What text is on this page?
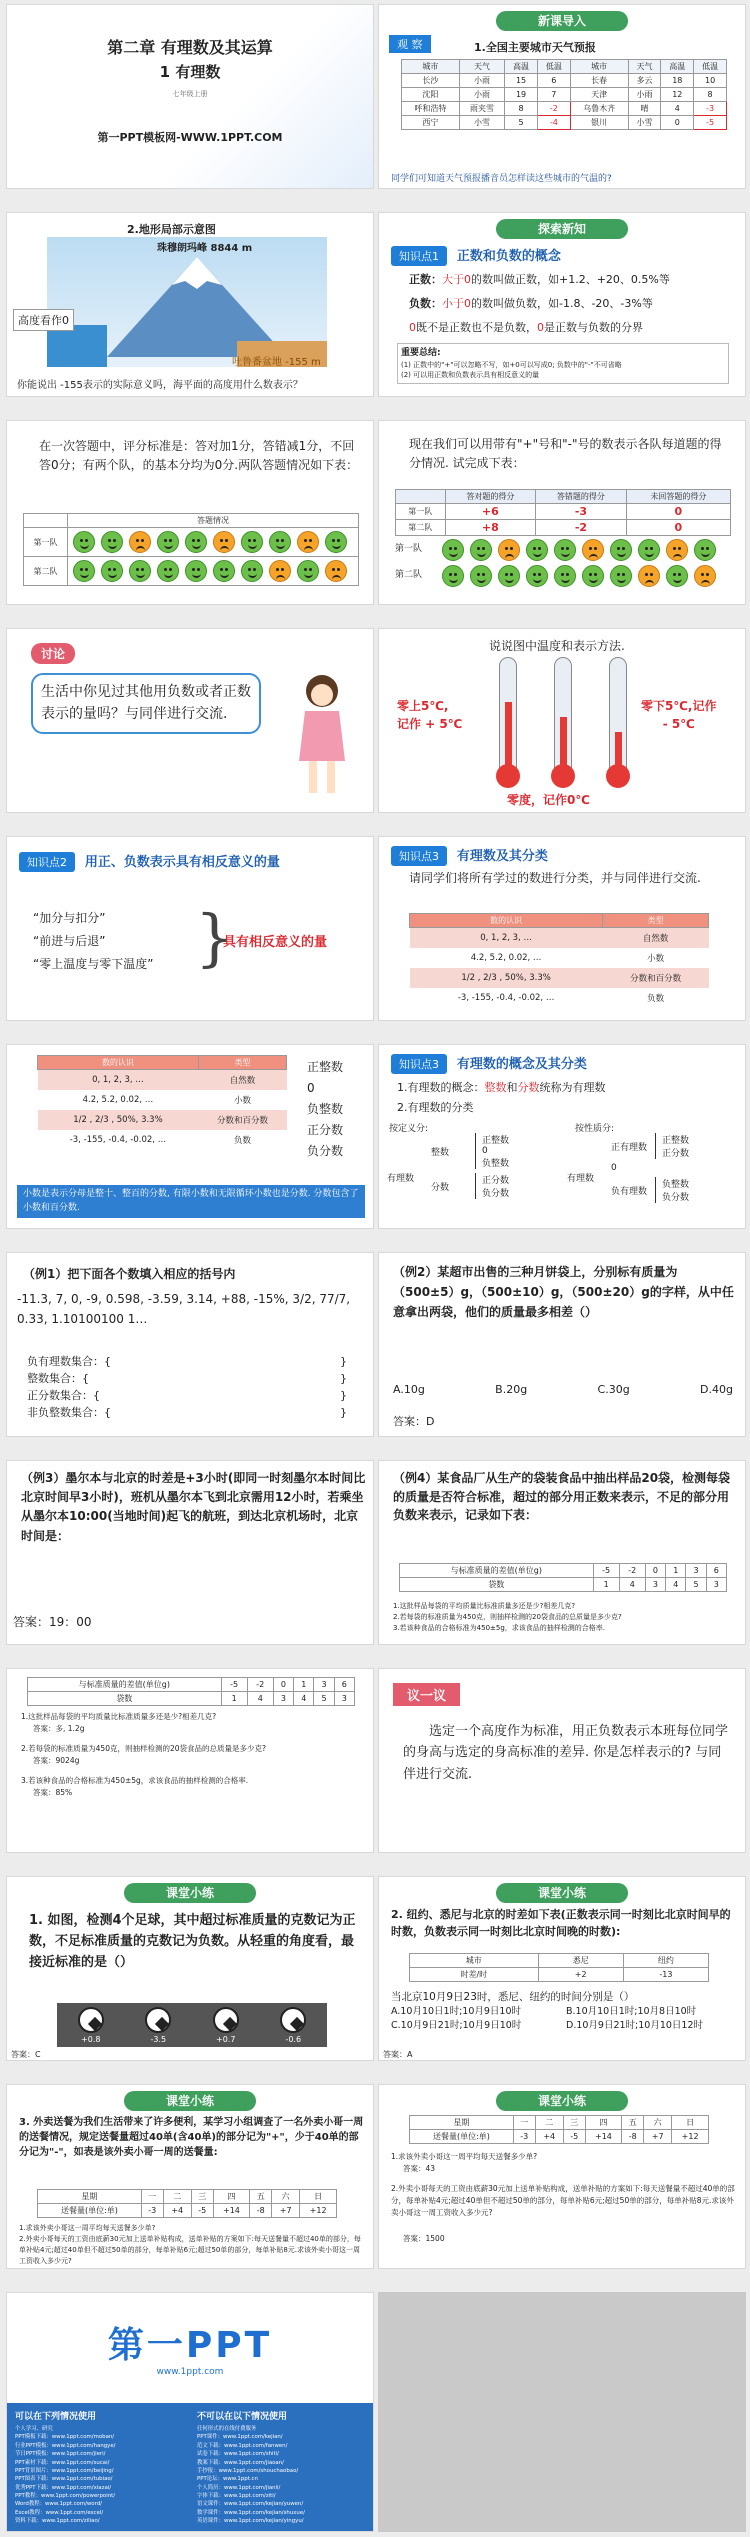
第二章 有理数及其运算
1 有理数
七年级上册
第一PPT模板网-WWW.1PPT.COM
新课导入
观 察	1.全国主要城市天气预报
城市	天气	高温	低温	城市	天气	高温	低温
长沙	小雨	15	6	长春	多云	18	10
沈阳	小雨	19	7	天津	小雨	12	8
呼和浩特	雨夹雪	8	-2	乌鲁木齐	晴	4	-3
西宁	小雪	5	-4	银川	小雪	0	-5
同学们可知道天气预报播音员怎样读这些城市的气温的?
2.地形局部示意图
珠穆朗玛峰 8844 m
高度看作0
吐鲁番盆地 -155 m
你能说出 -155表示的实际意义吗，海平面的高度用什么数表示？
探索新知
知识点1 正数和负数的概念
正数：大于0的数叫做正数，如+1.2、+20、0.5%等
负数：小于0的数叫做负数，如-1.8、-20、-3%等
0既不是正数也不是负数，0是正数与负数的分界
重要总结:
(1) 正数中的"+"可以忽略不写，如+0可以写成0; 负数中的"-"不可省略
(2) 可以用正数和负数表示具有相反意义的量
在一次答题中，评分标准是：答对加1分，答错减1分，不回答0分；有两个队，的基本分均为0分.两队答题情况如下表：
	答题情况
第一队	

第二队	
现在我们可以用带有"+"号和"-"号的数表示各队每道题的得分情况. 试完成下表：
	答对题的得分	答错题的得分	未回答题的得分
第一队	+6	-3	0
第二队	+8	-2	0
第一队
第二队
讨论
生活中你见过其他用负数或者正数表示的量吗？与同伴进行交流.
说说图中温度和表示方法.
零上5℃,
记作 + 5℃
零下5℃,记作
- 5℃
零度，记作0℃
知识点2 用正、负数表示具有相反意义的量
“加分与扣分”
“前进与后退”
“零上温度与零下温度” }
具有相反意义的量
知识点3 有理数及其分类
请同学们将所有学过的数进行分类，并与同伴进行交流.
数的认识	类型
0, 1, 2, 3, …	自然数
4.2, 5.2, 0.02, …	小数
1/2 , 2/3 , 50%, 3.3%	分数和百分数
-3, -155, -0.4, -0.02, …	负数
数的认识	类型
0, 1, 2, 3, …	自然数
4.2, 5.2, 0.02, …	小数
1/2 , 2/3 , 50%, 3.3%	分数和百分数
-3, -155, -0.4, -0.02, …	负数
正整数
0
负整数
正分数
负分数
小数是表示分母是整十、整百的分数, 有限小数和无限循环小数也是分数. 分数包含了小数和百分数.
知识点3 有理数的概念及其分类
1.有理数的概念：整数和分数统称为有理数
2.有理数的分类
按定义分:	按性质分:
有理数	有理数
整数
正整数
0
负整数
分数
正分数
负分数
正有理数
正整数
正分数
0
负有理数
负整数
负分数
（例1）把下面各个数填入相应的括号内
-11.3, 7, 0, -9, 0.598, -3.59, 3.14, +88, -15%, 3/2, 77/7, 0.33, 1.10100100 1…
负有理数集合：{	}
整数集合：{	}
正分数集合：{	}
非负整数集合：{	}
（例2）某超市出售的三种月饼袋上，分别标有质量为（500±5）g，（500±10）g，（500±20）g的字样，从中任意拿出两袋，他们的质量最多相差（）
A.10g	B.20g	C.30g	D.40g
答案：D
（例3）墨尔本与北京的时差是+3小时(即同一时刻墨尔本时间比北京时间早3小时)，班机从墨尔本飞到北京需用12小时，若乘坐从墨尔本10:00(当地时间)起飞的航班，到达北京机场时，北京时间是：
答案：19：00
（例4）某食品厂从生产的袋装食品中抽出样品20袋，检测每袋的质量是否符合标准，超过的部分用正数来表示，不足的部分用负数来表示，记录如下表：
与标准质量的差值(单位g)	-5	-2	0	1	3	6
袋数	1	4	3	4	5	3
1.这批样品每袋的平均质量比标准质量多还是少?相差几克?
2.若每袋的标准质量为450克，则抽样检测的20袋食品的总质量是多少克?
3.若该种食品的合格标准为450±5g，求该食品的抽样检测的合格率.
与标准质量的差值(单位g)	-5	-2	0	1	3	6
袋数	1	4	3	4	5	3
1.这批样品每袋的平均质量比标准质量多还是少?相差几克?
答案：多, 1.2g
2.若每袋的标准质量为450克，则抽样检测的20袋食品的总质量是多少克?
答案：9024g
3.若该种食品的合格标准为450±5g，求该食品的抽样检测的合格率.
答案：85%
议一议
选定一个高度作为标准，用正负数表示本班每位同学的身高与选定的身高标准的差异. 你是怎样表示的? 与同伴进行交流.
课堂小练
1. 如图，检测4个足球，其中超过标准质量的克数记为正数，不足标准质量的克数记为负数。从轻重的角度看，最接近标准的是（）
+0.8	-3.5	+0.7	-0.6
答案：C
课堂小练
2. 纽约、悉尼与北京的时差如下表(正数表示同一时刻比北京时间早的时数，负数表示同一时刻比北京时间晚的时数):
城市	悉尼	纽约
时差/时	+2	-13
当北京10月9日23时，悉尼、纽约的时间分别是（）
A.10月10日1时;10月9日10时	B.10月10日1时;10月8日10时
C.10月9日21时;10月9日10时	D.10月9日21时;10月10日12时
答案：A
课堂小练
3. 外卖送餐为我们生活带来了许多便利，某学习小组调查了一名外卖小哥一周的送餐情况，规定送餐量超过40单(含40单)的部分记为"+"，少于40单的部分记为"-"，如表是该外卖小哥一周的送餐量:
星期	一	二	三	四	五	六	日
送餐量(单位:单)	-3	+4	-5	+14	-8	+7	+12
1.求该外卖小哥这一周平均每天送餐多少单?
2.外卖小哥每天的工资由底薪30元加上送单补贴构成，送单补贴的方案如下:每天送餐量不超过40单的部分，每单补贴4元;超过40单但不超过50单的部分，每单补贴6元;超过50单的部分，每单补贴8元.求该外卖小哥这一周工资收入多少元?
课堂小练
星期	一	二	三	四	五	六	日
送餐量(单位:单)	-3	+4	-5	+14	-8	+7	+12
1.求该外卖小哥这一周平均每天送餐多少单?
答案：43
2.外卖小哥每天的工资由底薪30元加上送单补贴构成，送单补贴的方案如下:每天送餐量不超过40单的部分，每单补贴4元;超过40单但不超过50单的部分，每单补贴6元;超过50单的部分，每单补贴8元.求该外卖小哥这一周工资收入多少元?
答案：1500
第一PPT
www.1ppt.com
可以在下列情况使用	不可以在以下情况使用
个人学习、研究
PPT模板下载：www.1ppt.com/moban/
行业PPT模板：www.1ppt.com/hangye/
节日PPT模板：www.1ppt.com/jieri/
PPT素材下载：www.1ppt.com/sucai/
PPT背景图片：www.1ppt.com/beijing/
PPT图表下载：www.1ppt.com/tubiao/
优秀PPT下载：www.1ppt.com/xiazai/
PPT教程：www.1ppt.com/powerpoint/
Word教程：www.1ppt.com/word/
Excel教程：www.1ppt.com/excel/
资料下载：www.1ppt.com/ziliao/
任何形式的在线付费服务
PPT课件：www.1ppt.com/kejian/
范文下载：www.1ppt.com/fanwen/
试卷下载：www.1ppt.com/shiti/
教案下载：www.1ppt.com/jiaoan/
手抄报：www.1ppt.com/shouchaobao/
PPT论坛：www.1ppt.cn
个人简历：www.1ppt.com/jianli/
字体下载：www.1ppt.com/ziti/
语文课件：www.1ppt.com/kejian/yuwen/
数学课件：www.1ppt.com/kejian/shuxue/
英语课件：www.1ppt.com/kejian/yingyu/
